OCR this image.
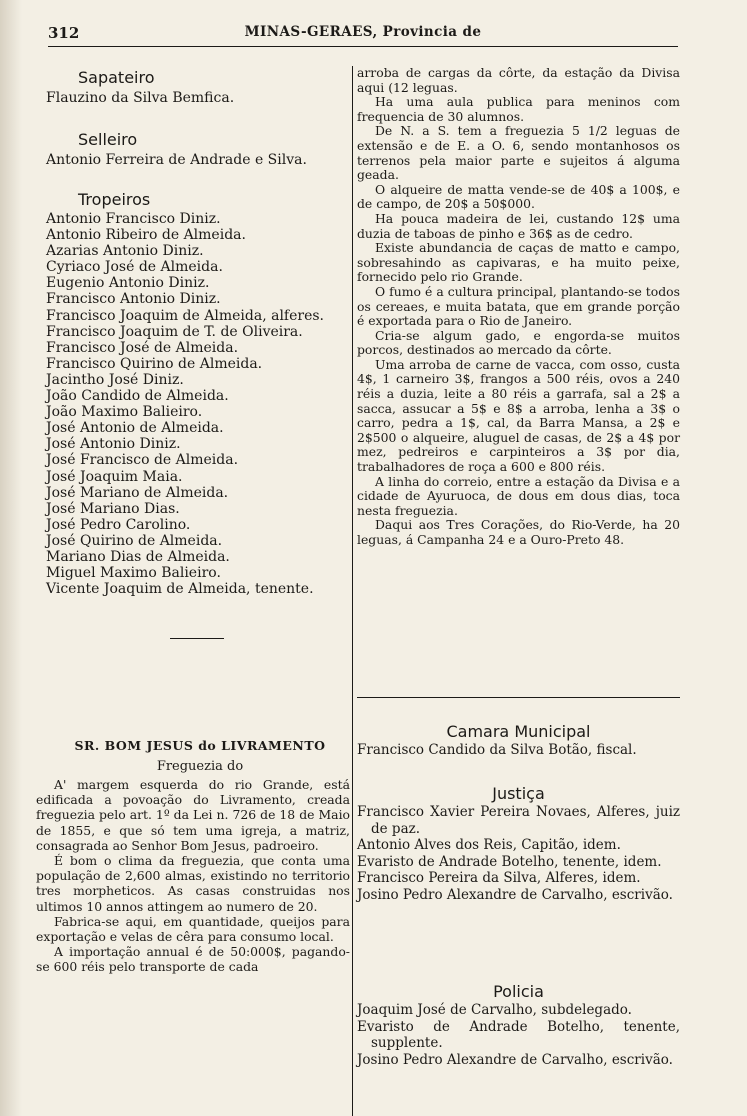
312	MINAS-GERAES, Provincia de
Sapateiro
Flauzino da Silva Bemfica.
Selleiro
Antonio Ferreira de Andrade e Silva.
Tropeiros
Antonio Francisco Diniz.
Antonio Ribeiro de Almeida.
Azarias Antonio Diniz.
Cyriaco José de Almeida.
Eugenio Antonio Diniz.
Francisco Antonio Diniz.
Francisco Joaquim de Almeida, alferes.
Francisco Joaquim de T. de Oliveira.
Francisco José de Almeida.
Francisco Quirino de Almeida.
Jacintho José Diniz.
João Candido de Almeida.
João Maximo Balieiro.
José Antonio de Almeida.
José Antonio Diniz.
José Francisco de Almeida.
José Joaquim Maia.
José Mariano de Almeida.
José Mariano Dias.
José Pedro Carolino.
José Quirino de Almeida.
Mariano Dias de Almeida.
Miguel Maximo Balieiro.
Vicente Joaquim de Almeida, tenente.
SR. BOM JESUS do LIVRAMENTO
Freguezia do

A' margem esquerda do rio Grande, está edificada a povoação do Livramento, creada freguezia pelo art. 1º da Lei n. 726 de 18 de Maio de 1855, e que só tem uma igreja, a matriz, consagrada ao Senhor Bom Jesus, padroeiro.

É bom o clima da freguezia, que conta uma população de 2,600 almas, existindo no territorio tres morpheticos. As casas construidas nos ultimos 10 annos attingem ao numero de 20.

Fabrica-se aqui, em quantidade, queijos para exportação e velas de cêra para consumo local.

A importação annual é de 50:000$, pagando-se 600 réis pelo transporte de cada

arroba de cargas da côrte, da estação da Divisa aqui (12 leguas.

Ha uma aula publica para meninos com frequencia de 30 alumnos.

De N. a S. tem a freguezia 5 1/2 leguas de extensão e de E. a O. 6, sendo montanhosos os terrenos pela maior parte e sujeitos á alguma geada.

O alqueire de matta vende-se de 40$ a 100$, e de campo, de 20$ a 50$000.

Ha pouca madeira de lei, custando 12$ uma duzia de taboas de pinho e 36$ as de cedro.

Existe abundancia de caças de matto e campo, sobresahindo as capivaras, e ha muito peixe, fornecido pelo rio Grande.

O fumo é a cultura principal, plantando-se todos os cereaes, e muita batata, que em grande porção é exportada para o Rio de Janeiro.

Cria-se algum gado, e engorda-se muitos porcos, destinados ao mercado da côrte.

Uma arroba de carne de vacca, com osso, custa 4$, 1 carneiro 3$, frangos a 500 réis, ovos a 240 réis a duzia, leite a 80 réis a garrafa, sal a 2$ a sacca, assucar a 5$ e 8$ a arroba, lenha a 3$ o carro, pedra a 1$, cal, da Barra Mansa, a 2$ e 2$500 o alqueire, aluguel de casas, de 2$ a 4$ por mez, pedreiros e carpinteiros a 3$ por dia, trabalhadores de roça a 600 e 800 réis.

A linha do correio, entre a estação da Divisa e a cidade de Ayuruoca, de dous em dous dias, toca nesta freguezia.

Daqui aos Tres Corações, do Rio-Verde, ha 20 leguas, á Campanha 24 e a Ouro-Preto 48.

Camara Municipal
Francisco Candido da Silva Botão, fiscal.
Justiça
Francisco Xavier Pereira Novaes, Alferes, juiz de paz.
Antonio Alves dos Reis, Capitão, idem.
Evaristo de Andrade Botelho, tenente, idem.
Francisco Pereira da Silva, Alferes, idem.
Josino Pedro Alexandre de Carvalho, escrivão.
Policia
Joaquim José de Carvalho, subdelegado.
Evaristo de Andrade Botelho, tenente, supplente.
Josino Pedro Alexandre de Carvalho, escrivão.
